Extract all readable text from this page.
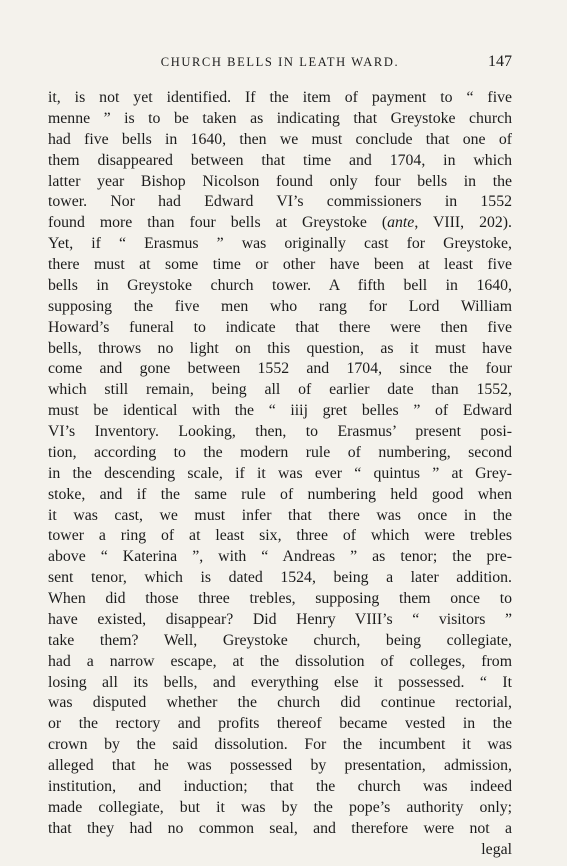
CHURCH BELLS IN LEATH WARD.	147
it, is not yet identified. If the item of payment to “ five
menne ” is to be taken as indicating that Greystoke church
had five bells in 1640, then we must conclude that one of
them disappeared between that time and 1704, in which
latter year Bishop Nicolson found only four bells in the
tower. Nor had Edward VI’s commissioners in 1552
found more than four bells at Greystoke (ante, VIII, 202).
Yet, if “ Erasmus ” was originally cast for Greystoke,
there must at some time or other have been at least five
bells in Greystoke church tower. A fifth bell in 1640,
supposing the five men who rang for Lord William
Howard’s funeral to indicate that there were then five
bells, throws no light on this question, as it must have
come and gone between 1552 and 1704, since the four
which still remain, being all of earlier date than 1552,
must be identical with the “ iiij gret belles ” of Edward
VI’s Inventory. Looking, then, to Erasmus’ present posi-
tion, according to the modern rule of numbering, second
in the descending scale, if it was ever “ quintus ” at Grey-
stoke, and if the same rule of numbering held good when
it was cast, we must infer that there was once in the
tower a ring of at least six, three of which were trebles
above “ Katerina ”, with “ Andreas ” as tenor; the pre-
sent tenor, which is dated 1524, being a later addition.
When did those three trebles, supposing them once to
have existed, disappear? Did Henry VIII’s “ visitors ”
take them? Well, Greystoke church, being collegiate,
had a narrow escape, at the dissolution of colleges, from
losing all its bells, and everything else it possessed. “ It
was disputed whether the church did continue rectorial,
or the rectory and profits thereof became vested in the
crown by the said dissolution. For the incumbent it was
alleged that he was possessed by presentation, admission,
institution, and induction; that the church was indeed
made collegiate, but it was by the pope’s authority only;
that they had no common seal, and therefore were not a
legal
